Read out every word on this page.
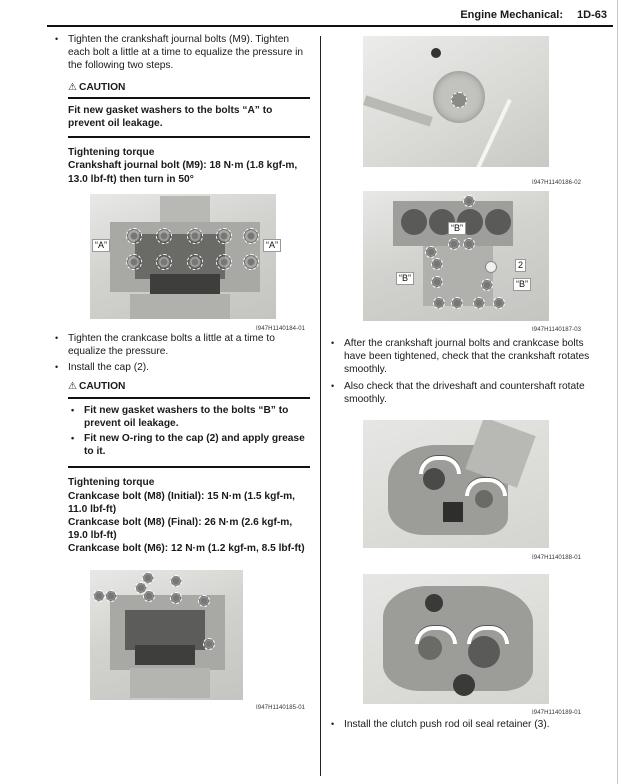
Engine Mechanical: 1D-63
• Tighten the crankshaft journal bolts (M9). Tighten each bolt a little at a time to equalize the pressure in the following two steps.
⚠ CAUTION
Fit new gasket washers to the bolts “A” to prevent oil leakage.
Tightening torque
Crankshaft journal bolt (M9): 18 N·m (1.8 kgf-m, 13.0 lbf-ft) then turn in 50°
“A”	“A”
I947H1140184-01
• Tighten the crankcase bolts a little at a time to equalize the pressure.
• Install the cap (2).
⚠ CAUTION
• Fit new gasket washers to the bolts “B” to prevent oil leakage.
• Fit new O-ring to the cap (2) and apply grease to it.
Tightening torque
Crankcase bolt (M8) (Initial): 15 N·m (1.5 kgf-m, 11.0 lbf-ft)
Crankcase bolt (M8) (Final): 26 N·m (2.6 kgf-m, 19.0 lbf-ft)
Crankcase bolt (M6): 12 N·m (1.2 kgf-m, 8.5 lbf-ft)
I947H1140185-01
I947H1140186-02
“B”
“B”
2
“B”
I947H1140187-03
• After the crankshaft journal bolts and crankcase bolts have been tightened, check that the crankshaft rotates smoothly.
• Also check that the driveshaft and countershaft rotate smoothly.
I947H1140188-01
I947H1140189-01
• Install the clutch push rod oil seal retainer (3).
